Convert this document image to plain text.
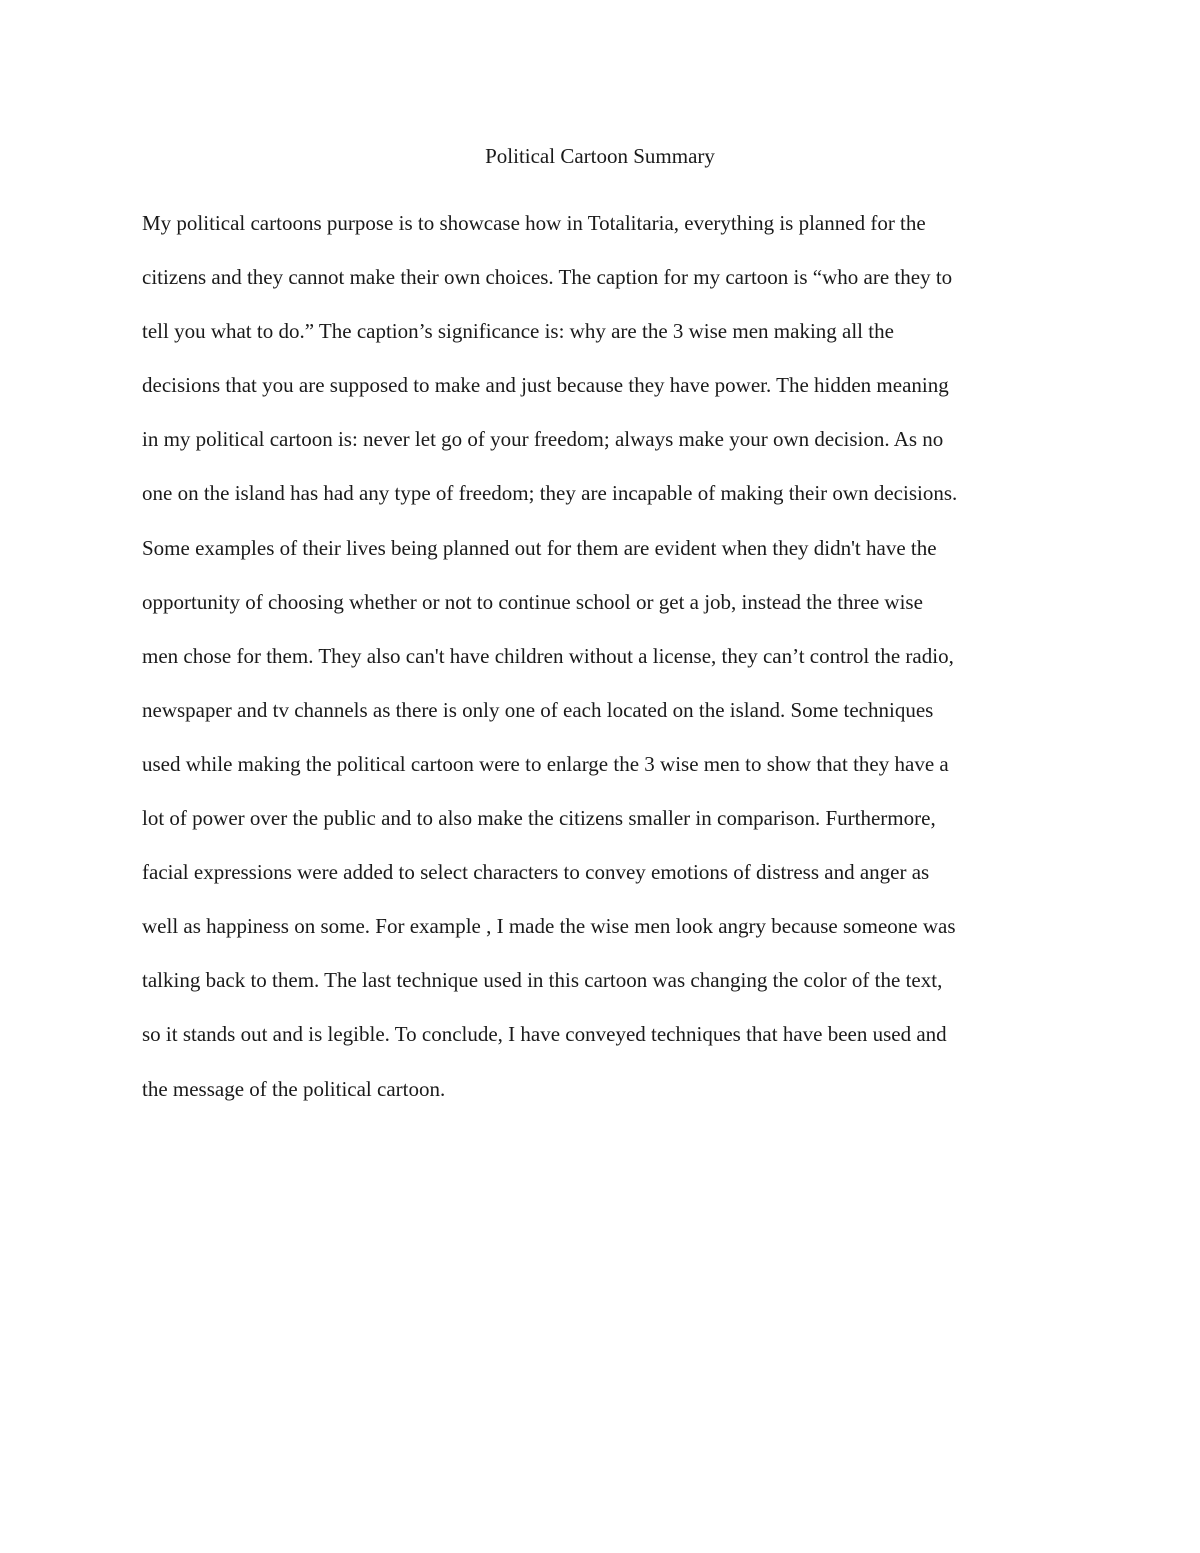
Political Cartoon Summary
My political cartoons purpose is to showcase how in Totalitaria, everything is planned for the
citizens and they cannot make their own choices. The caption for my cartoon is “who are they to
tell you what to do.” The caption’s significance is: why are the 3 wise men making all the
decisions that you are supposed to make and just because they have power. The hidden meaning
in my political cartoon is: never let go of your freedom; always make your own decision. As no
one on the island has had any type of freedom; they are incapable of making their own decisions.
Some examples of their lives being planned out for them are evident when they didn't have the
opportunity of choosing whether or not to continue school or get a job, instead the three wise
men chose for them. They also can't have children without a license, they can’t control the radio,
newspaper and tv channels as there is only one of each located on the island. Some techniques
used while making the political cartoon were to enlarge the 3 wise men to show that they have a
lot of power over the public and to also make the citizens smaller in comparison. Furthermore,
facial expressions were added to select characters to convey emotions of distress and anger as
well as happiness on some. For example , I made the wise men look angry because someone was
talking back to them. The last technique used in this cartoon was changing the color of the text,
so it stands out and is legible. To conclude, I have conveyed techniques that have been used and
the message of the political cartoon.
